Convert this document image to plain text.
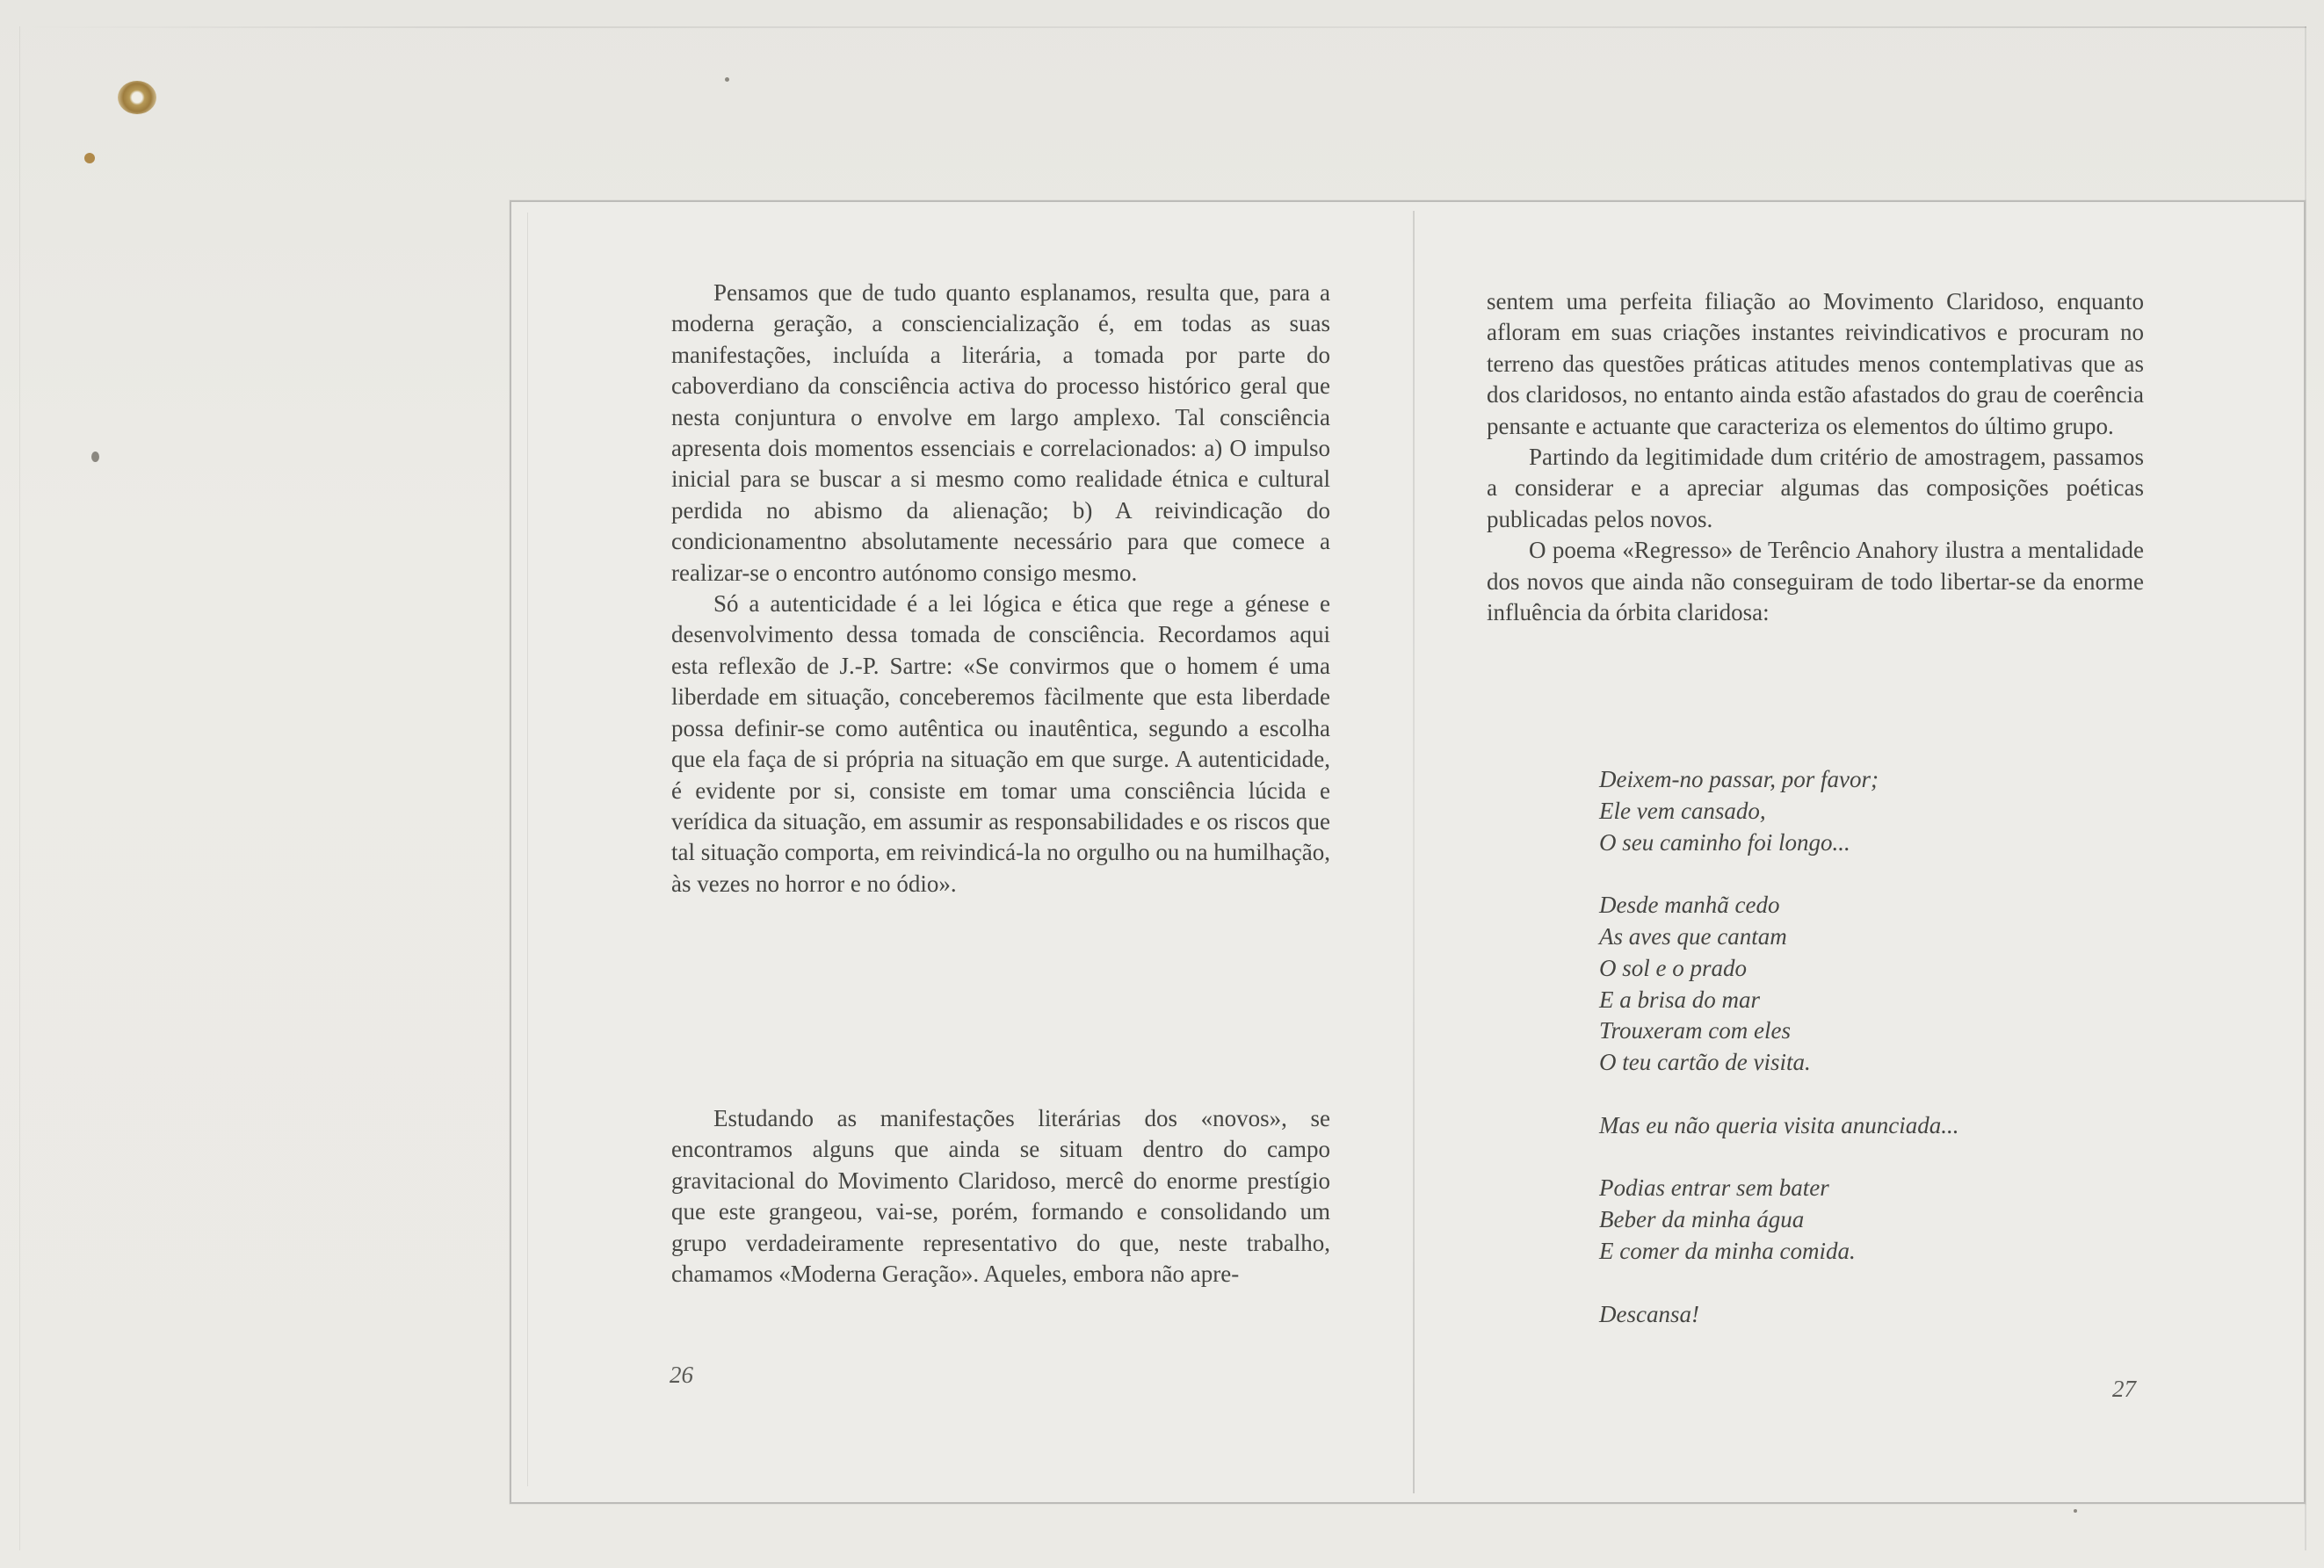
Pensamos que de tudo quanto esplanamos, resulta que, para a moderna geração, a consciencialização é, em todas as suas manifestações, incluída a literária, a tomada por parte do caboverdiano da consciência activa do processo histórico geral que nesta conjuntura o envolve em largo amplexo. Tal consciência apresenta dois momentos essenciais e correlacionados: a) O impulso inicial para se buscar a si mesmo como realidade étnica e cultural perdida no abismo da alienação; b) A reivindicação do condicionamentno absolutamente necessário para que comece a realizar-se o encontro autónomo consigo mesmo.

Só a autenticidade é a lei lógica e ética que rege a génese e desenvolvimento dessa tomada de consciência. Recordamos aqui esta reflexão de J.-P. Sartre: «Se convirmos que o homem é uma liberdade em situação, conceberemos fàcilmente que esta liberdade possa definir-se como autêntica ou inautêntica, segundo a escolha que ela faça de si própria na situação em que surge. A autenticidade, é evidente por si, consiste em tomar uma consciência lúcida e verídica da situação, em assumir as responsabilidades e os riscos que tal situação comporta, em reivindicá-la no orgulho ou na humilhação, às vezes no horror e no ódio».

Estudando as manifestações literárias dos «novos», se encontramos alguns que ainda se situam dentro do campo gravitacional do Movimento Claridoso, mercê do enorme prestígio que este grangeou, vai-se, porém, formando e consolidando um grupo verdadeiramente representativo do que, neste trabalho, chamamos «Moderna Geração». Aqueles, embora não apre-

26

sentem uma perfeita filiação ao Movimento Claridoso, enquanto afloram em suas criações instantes reivindicativos e procuram no terreno das questões práticas atitudes menos contemplativas que as dos claridosos, no entanto ainda estão afastados do grau de coerência pensante e actuante que caracteriza os elementos do último grupo.

Partindo da legitimidade dum critério de amostragem, passamos a considerar e a apreciar algumas das composições poéticas publicadas pelos novos.

O poema «Regresso» de Terêncio Anahory ilustra a mentalidade dos novos que ainda não conseguiram de todo libertar-se da enorme influência da órbita claridosa:

Deixem-no passar, por favor;
Ele vem cansado,
O seu caminho foi longo...
Desde manhã cedo
As aves que cantam
O sol e o prado
E a brisa do mar
Trouxeram com eles
O teu cartão de visita.
Mas eu não queria visita anunciada...
Podias entrar sem bater
Beber da minha água
E comer da minha comida.
Descansa!
27
